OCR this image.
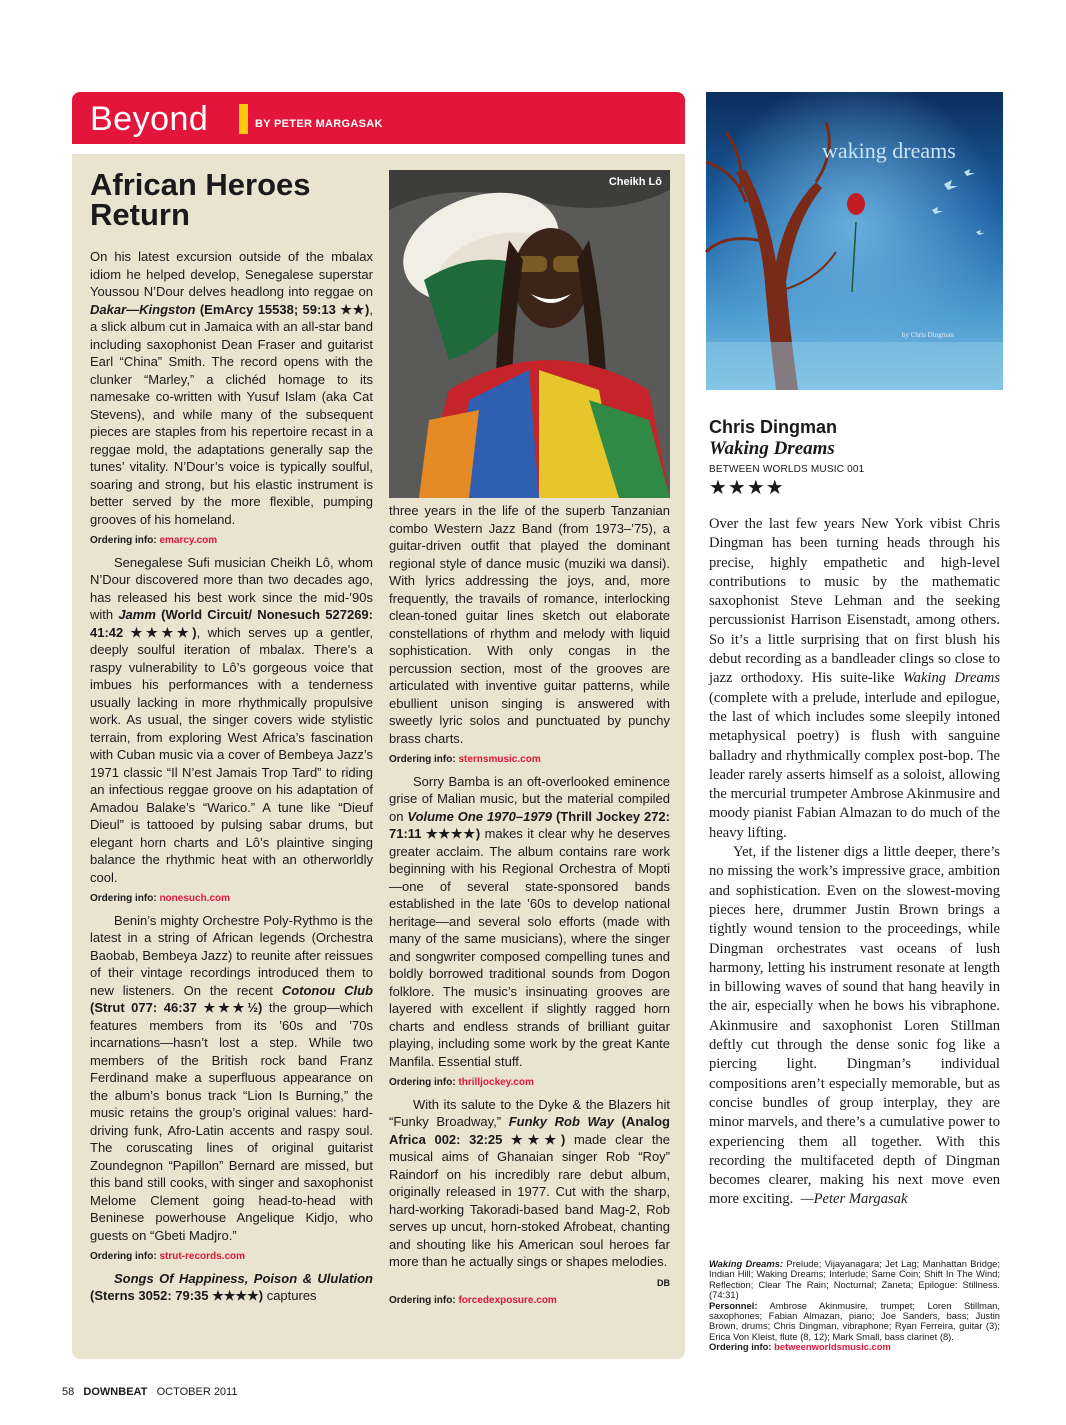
Beyond	BY PETER MARGASAK
African Heroes Return
Cheikh Lô
YOURI LENQUETTE

On his latest excursion outside of the mbalax idiom he helped develop, Senegalese superstar Youssou N’Dour delves headlong into reggae on Dakar—Kingston (EmArcy 15538; 59:13 ★★), a slick album cut in Jamaica with an all-star band including saxophonist Dean Fraser and guitarist Earl “China” Smith. The record opens with the clunker “Marley,” a clichéd homage to its namesake co-written with Yusuf Islam (aka Cat Stevens), and while many of the subsequent pieces are staples from his repertoire recast in a reggae mold, the adaptations generally sap the tunes’ vitality. N’Dour’s voice is typically soulful, soaring and strong, but his elastic instrument is better served by the more flexible, pumping grooves of his homeland.

Ordering info: emarcy.com

Senegalese Sufi musician Cheikh Lô, whom N’Dour discovered more than two decades ago, has released his best work since the mid-’90s with Jamm (World Circuit/ Nonesuch 527269: 41:42 ★★★★), which serves up a gentler, deeply soulful iteration of mbalax. There’s a raspy vulnerability to Lô’s gorgeous voice that imbues his performances with a tenderness usually lacking in more rhythmically propulsive work. As usual, the singer covers wide stylistic terrain, from exploring West Africa’s fascination with Cuban music via a cover of Bembeya Jazz’s 1971 classic “Il N’est Jamais Trop Tard” to riding an infectious reggae groove on his adaptation of Amadou Balake’s “Warico.” A tune like “Dieuf Dieul” is tattooed by pulsing sabar drums, but elegant horn charts and Lô’s plaintive singing balance the rhythmic heat with an otherworldly cool.

Ordering info: nonesuch.com

Benin’s mighty Orchestre Poly-Rythmo is the latest in a string of African legends (Orchestra Baobab, Bembeya Jazz) to reunite after reissues of their vintage recordings introduced them to new listeners. On the recent Cotonou Club (Strut 077: 46:37 ★★★½) the group—which features members from its ’60s and ’70s incarnations—hasn’t lost a step. While two members of the British rock band Franz Ferdinand make a superfluous appearance on the album’s bonus track “Lion Is Burning,” the music retains the group’s original values: hard-driving funk, Afro-Latin accents and raspy soul. The coruscating lines of original guitarist Zoundegnon “Papillon” Bernard are missed, but this band still cooks, with singer and saxophonist Melome Clement going head-to-head with Beninese powerhouse Angelique Kidjo, who guests on “Gbeti Madjro.”

Ordering info: strut-records.com

Songs Of Happiness, Poison & Ululation (Sterns 3052: 79:35 ★★★★) captures

three years in the life of the superb Tanzanian combo Western Jazz Band (from 1973–’75), a guitar-driven outfit that played the dominant regional style of dance music (muziki wa dansi). With lyrics addressing the joys, and, more frequently, the travails of romance, interlocking clean-toned guitar lines sketch out elaborate constellations of rhythm and melody with liquid sophistication. With only congas in the percussion section, most of the grooves are articulated with inventive guitar patterns, while ebullient unison singing is answered with sweetly lyric solos and punctuated by punchy brass charts.

Ordering info: sternsmusic.com

Sorry Bamba is an oft-overlooked eminence grise of Malian music, but the material compiled on Volume One 1970–1979 (Thrill Jockey 272: 71:11 ★★★★) makes it clear why he deserves greater acclaim. The album contains rare work beginning with his Regional Orchestra of Mopti—one of several state-sponsored bands established in the late ’60s to develop national heritage—and several solo efforts (made with many of the same musicians), where the singer and songwriter composed compelling tunes and boldly borrowed traditional sounds from Dogon folklore. The music’s insinuating grooves are layered with excellent if slightly ragged horn charts and endless strands of brilliant guitar playing, including some work by the great Kante Manfila. Essential stuff.

Ordering info: thrilljockey.com

With its salute to the Dyke & the Blazers hit “Funky Broadway,” Funky Rob Way (Analog Africa 002: 32:25 ★★★) made clear the musical aims of Ghanaian singer Rob “Roy” Raindorf on his incredibly rare debut album, originally released in 1977. Cut with the sharp, hard-working Takoradi-based band Mag-2, Rob serves up uncut, horn-stoked Afrobeat, chanting and shouting like his American soul heroes far more than he actually sings or shapes melodies.
DB

Ordering info: forcedexposure.com
waking dreams
by Chris Dingman
Chris Dingman
Waking Dreams
BETWEEN WORLDS MUSIC 001
★★★★

Over the last few years New York vibist Chris Dingman has been turning heads through his precise, highly empathetic and high-level contributions to music by the mathematic saxophonist Steve Lehman and the seeking percussionist Harrison Eisenstadt, among others. So it’s a little surprising that on first blush his debut recording as a bandleader clings so close to jazz orthodoxy. His suite-like Waking Dreams (complete with a prelude, interlude and epilogue, the last of which includes some sleepily intoned metaphysical poetry) is flush with sanguine balladry and rhythmically complex post-bop. The leader rarely asserts himself as a soloist, allowing the mercurial trumpeter Ambrose Akinmusire and moody pianist Fabian Almazan to do much of the heavy lifting.

Yet, if the listener digs a little deeper, there’s no missing the work’s impressive grace, ambition and sophistication. Even on the slowest-moving pieces here, drummer Justin Brown brings a tightly wound tension to the proceedings, while Dingman orchestrates vast oceans of lush harmony, letting his instrument resonate at length in billowing waves of sound that hang heavily in the air, especially when he bows his vibraphone. Akinmusire and saxophonist Loren Stillman deftly cut through the dense sonic fog like a piercing light. Dingman’s individual compositions aren’t especially memorable, but as concise bundles of group interplay, they are minor marvels, and there’s a cumulative power to experiencing them all together. With this recording the multifaceted depth of Dingman becomes clearer, making his next move even more exciting. —Peter Margasak

Waking Dreams: Prelude; Vijayanagara; Jet Lag; Manhattan Bridge; Indian Hill; Waking Dreams; Interlude; Same Coin; Shift In The Wind; Reflection; Clear The Rain; Nocturnal; Zaneta; Epilogue: Stillness. (74:31)

Personnel: Ambrose Akinmusire, trumpet; Loren Stillman, saxophones; Fabian Almazan, piano; Joe Sanders, bass; Justin Brown, drums; Chris Dingman, vibraphone; Ryan Ferreira, guitar (3); Erica Von Kleist, flute (8, 12); Mark Small, bass clarinet (8).

Ordering info: betweenworldsmusic.com

58 DOWNBEAT OCTOBER 2011
